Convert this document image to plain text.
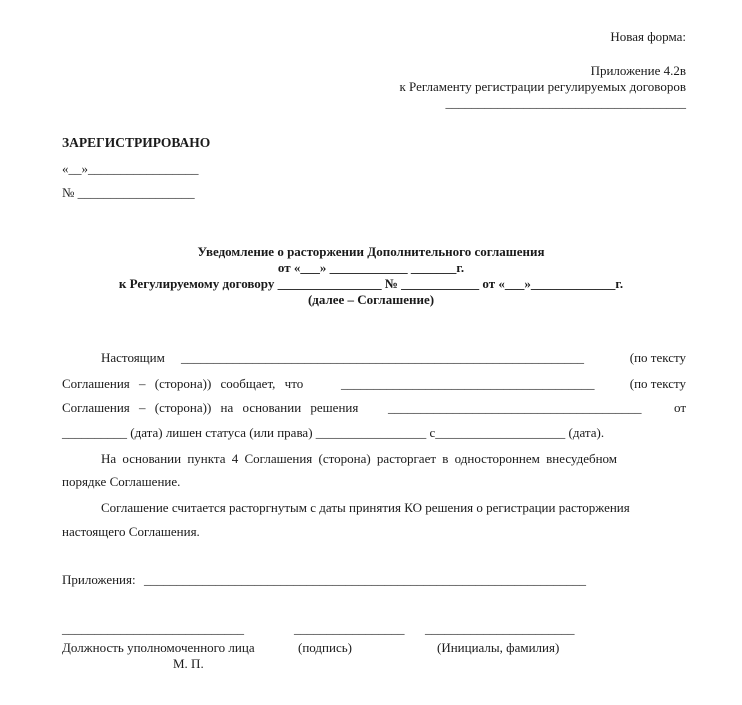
Новая форма:
Приложение 4.2в
к Регламенту регистрации регулируемых договоров
_____________________________________
ЗАРЕГИСТРИРОВАНО
«__»_________________
№ __________________
Уведомление о расторжении Дополнительного соглашения
от «___» ____________ _______г.
к Регулируемому договору ________________ № ____________ от «___»_____________г.
(далее – Соглашение)
Настоящим ______________________________________________________________	(по тексту
Соглашения – (сторона)) сообщает, что	_______________________________________	(по тексту
Соглашения – (сторона)) на основании решения _______________________________________ от
__________ (дата) лишен статуса (или права) _________________ с____________________ (дата).
На основании пункта 4 Соглашения (сторона) расторгает в одностороннем внесудебном
порядке Соглашение.
Соглашение считается расторгнутым с даты принятия КО решения о регистрации расторжения
настоящего Соглашения.
Приложения: ____________________________________________________________________
____________________________	_________________ _______________________
Должность уполномоченного лица	(подпись)	(Инициалы, фамилия)
М. П.
